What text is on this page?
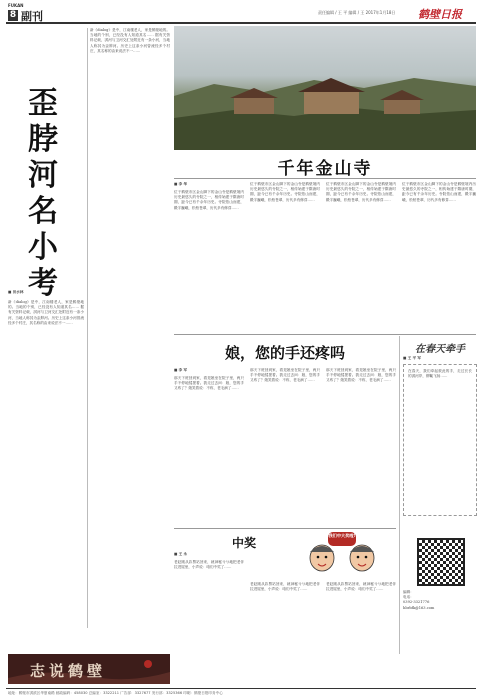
FUKAN
8 副刊	责任编辑 / 王 平 编辑 / 王 2017年1月18日 鹤壁日报
歪脖河名小考
■ 田水林
新《dialog》是中，江南楼老人，家是鹤壁地的。当地的个别，已经没有人知道其名…… 据有关资料记载，淇河与卫河交汇处附近有一条小河，当地人称其为歪脖河。历史上这条小河曾流经多个村庄，其名称的由来说法不一……
新《dialog》是中，江南楼老人，家是鹤壁地的。当地的个别，已经没有人知道其名…… 据有关资料记载，淇河与卫河交汇处附近有一条小河，当地人称其为歪脖河。历史上这条小河曾流经多个村庄，其名称的由来说法不一……
千年金山寺
■ 李 华
位于鹤壁市区金山脚下的金山寺是鹤壁境内历史最悠久的寺院之一，相传始建于隋唐时期，距今已有千余年历史。寺院依山而建，殿宇巍峨，松柏苍翠，历代多有修葺……
位于鹤壁市区金山脚下的金山寺是鹤壁境内历史最悠久的寺院之一，相传始建于隋唐时期，距今已有千余年历史。寺院依山而建，殿宇巍峨，松柏苍翠，历代多有修葺……
位于鹤壁市区金山脚下的金山寺是鹤壁境内历史最悠久的寺院之一，相传始建于隋唐时期，距今已有千余年历史。寺院依山而建，殿宇巍峨，松柏苍翠，历代多有修葺……
位于鹤壁市区金山脚下的金山寺是鹤壁境内历史最悠久的寺院之一，相传始建于隋唐时期，距今已有千余年历史。寺院依山而建，殿宇巍峨，松柏苍翠，历代多有修葺……
娘，您的手还疼吗
■ 李 军
那天下班回到家，看见娘坐在院子里，两只手不停地揉搓着。我走过去问：娘，您的手又疼了？娘笑着说：不疼，老毛病了……
那天下班回到家，看见娘坐在院子里，两只手不停地揉搓着。我走过去问：娘，您的手又疼了？娘笑着说：不疼，老毛病了……
那天下班回到家，看见娘坐在院子里，两只手不停地揉搓着。我走过去问：娘，您的手又疼了？娘笑着说：不疼，老毛病了……
中奖
我们中大奖啦!
■ 王 永
老赵刚从彩票站回来，就神秘兮兮地把老伴拉进屋里，小声说：咱们中奖了……
老赵刚从彩票站回来，就神秘兮兮地把老伴拉进屋里，小声说：咱们中奖了……
老赵刚从彩票站回来，就神秘兮兮地把老伴拉进屋里，小声说：咱们中奖了……
在春天牵手
■ 王 平 军
在春天，我们牵起彼此的手，走过长长的淇河岸，柳絮飞扬……
编辑：
电话：
0392-3321776
hbrbfk@163.com
志说鹤壁
地址：鹤壁市淇滨区华夏南路 邮政编码：458030 总编室：3322211 广告部：3327677 发行部：3325366 印刷：鹤壁日报印务中心
